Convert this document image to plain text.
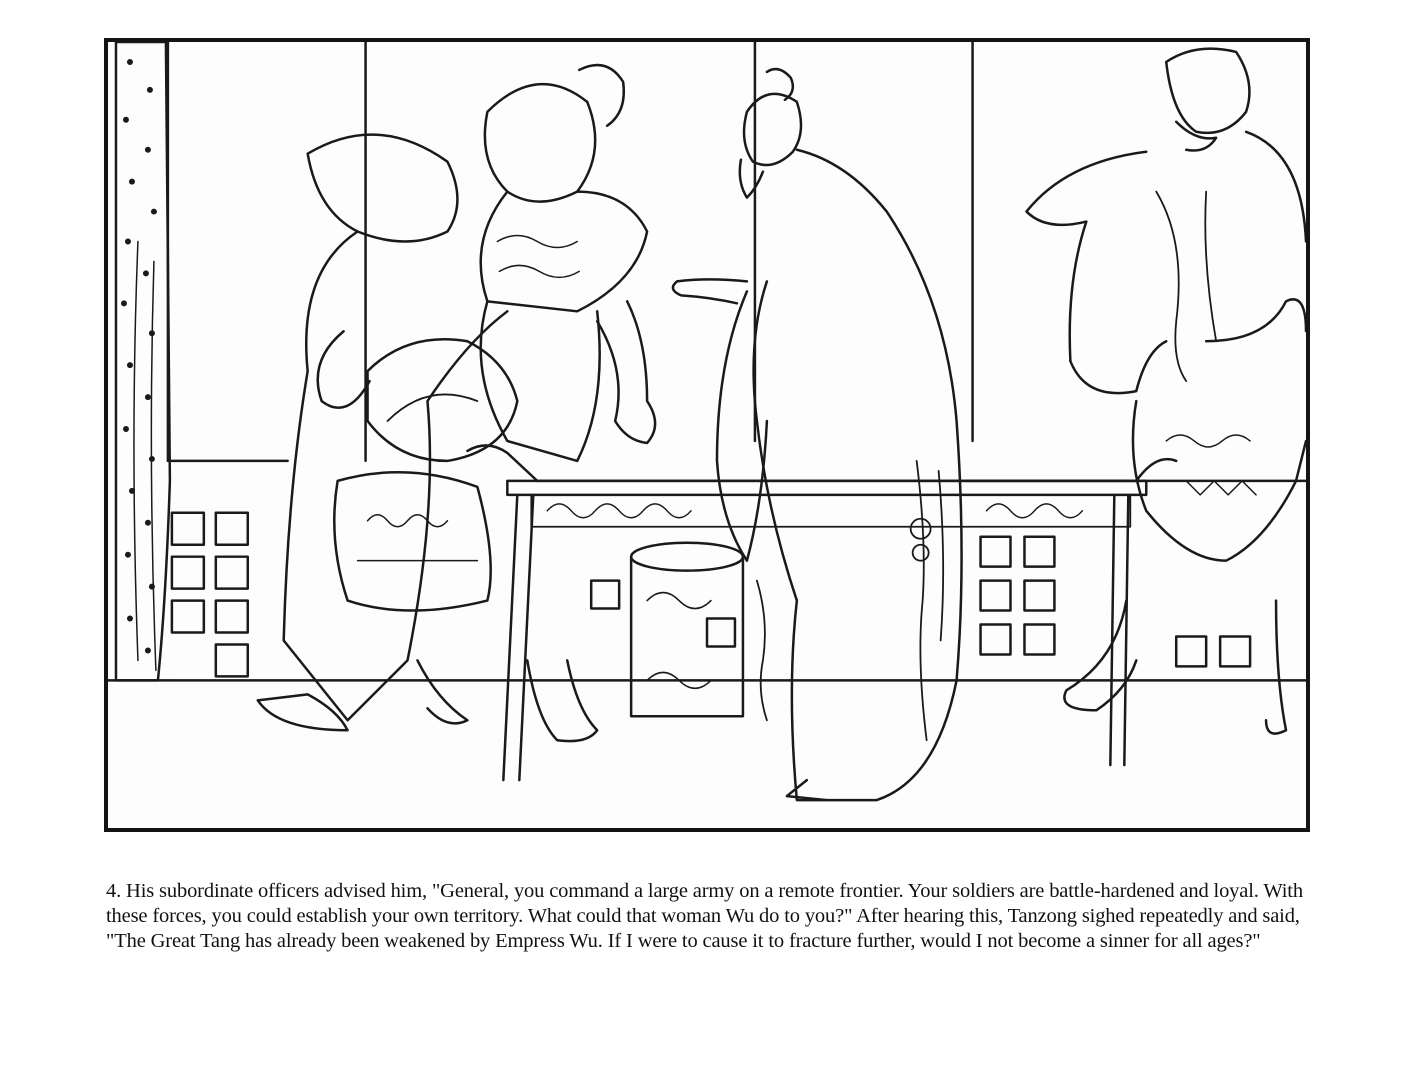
4. His subordinate officers advised him, "General, you command a large army on a remote frontier. Your soldiers are battle-hardened and loyal. With these forces, you could establish your own territory. What could that woman Wu do to you?" After hearing this, Tanzong sighed repeatedly and said, "The Great Tang has already been weakened by Empress Wu. If I were to cause it to fracture further, would I not become a sinner for all ages?"
